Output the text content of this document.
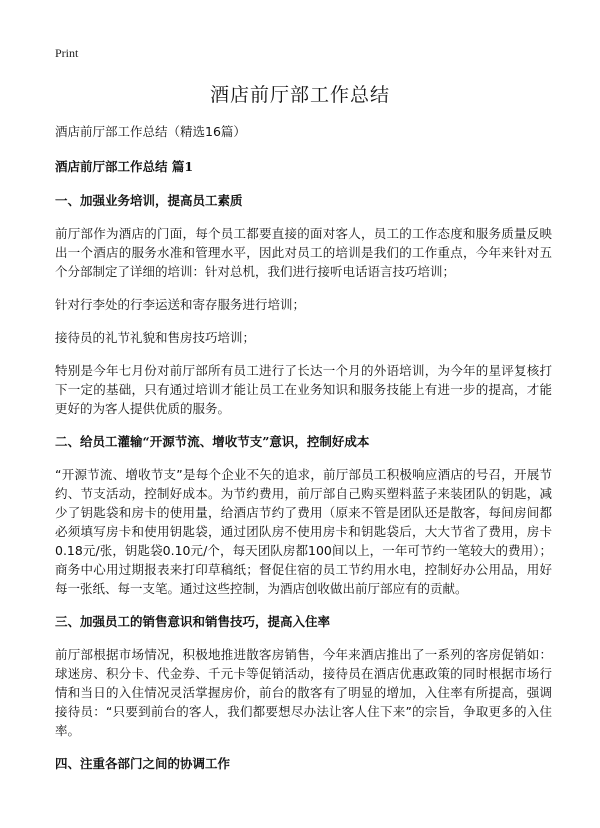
Print
酒店前厅部工作总结

酒店前厅部工作总结（精选16篇）

酒店前厅部工作总结 篇1

一、加强业务培训，提高员工素质

前厅部作为酒店的门面，每个员工都要直接的面对客人，员工的工作态度和服务质量反映出一个酒店的服务水准和管理水平，因此对员工的培训是我们的工作重点，今年来针对五个分部制定了详细的培训：针对总机，我们进行接听电话语言技巧培训；

针对行李处的行李运送和寄存服务进行培训；

接待员的礼节礼貌和售房技巧培训；

特别是今年七月份对前厅部所有员工进行了长达一个月的外语培训，为今年的星评复核打下一定的基础，只有通过培训才能让员工在业务知识和服务技能上有进一步的提高，才能更好的为客人提供优质的服务。

二、给员工灌输“开源节流、增收节支”意识，控制好成本

“开源节流、增收节支”是每个企业不矢的追求，前厅部员工积极响应酒店的号召，开展节约、节支活动，控制好成本。为节约费用，前厅部自己购买塑料蓝子来装团队的钥匙，减少了钥匙袋和房卡的使用量，给酒店节约了费用（原来不管是团队还是散客，每间房间都必须填写房卡和使用钥匙袋，通过团队房不使用房卡和钥匙袋后，大大节省了费用，房卡0.18元/张，钥匙袋0.10元/个，每天团队房都100间以上，一年可节约一笔较大的费用）；商务中心用过期报表来打印草稿纸；督促住宿的员工节约用水电，控制好办公用品，用好每一张纸、每一支笔。通过这些控制，为酒店创收做出前厅部应有的贡献。

三、加强员工的销售意识和销售技巧，提高入住率

前厅部根据市场情况，积极地推进散客房销售，今年来酒店推出了一系列的客房促销如：球迷房、积分卡、代金券、千元卡等促销活动，接待员在酒店优惠政策的同时根据市场行情和当日的入住情况灵活掌握房价，前台的散客有了明显的增加，入住率有所提高，强调接待员：“只要到前台的客人，我们都要想尽办法让客人住下来”的宗旨，争取更多的入住率。

四、注重各部门之间的协调工作
